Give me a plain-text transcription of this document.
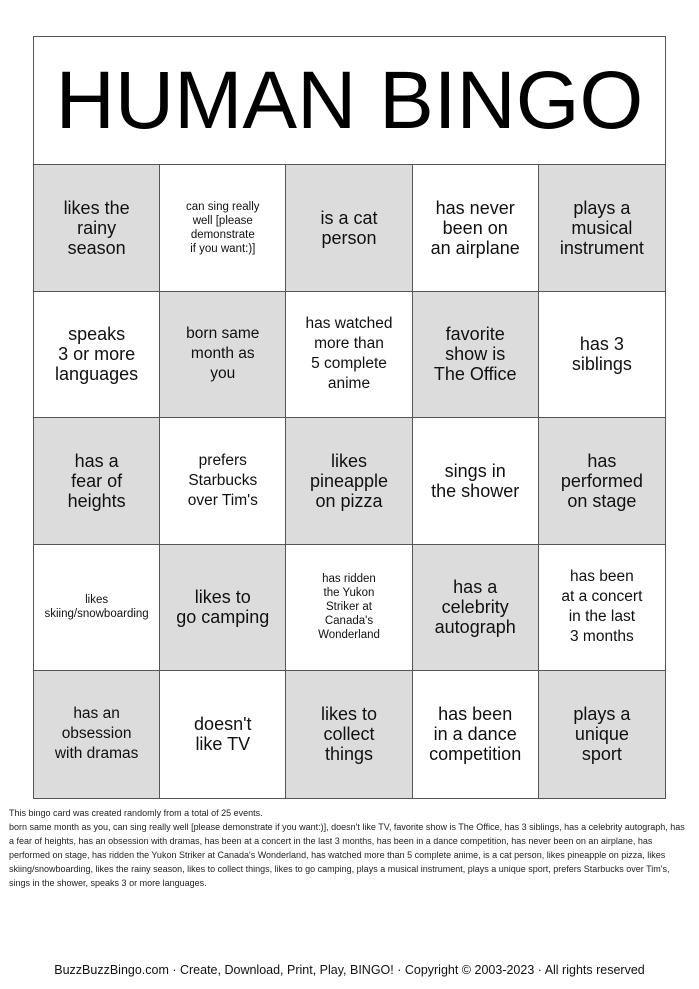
HUMAN BINGO
likes the
rainy
season
can sing really
well [please
demonstrate
if you want:)]
is a cat
person
has never
been on
an airplane
plays a
musical
instrument
speaks
3 or more
languages
born same
month as
you
has watched
more than
5 complete
anime
favorite
show is
The Office
has 3
siblings
has a
fear of
heights
prefers
Starbucks
over Tim's
likes
pineapple
on pizza
sings in
the shower
has
performed
on stage
likes
skiing/snowboarding
likes to
go camping
has ridden
the Yukon
Striker at
Canada's
Wonderland
has a
celebrity
autograph
has been
at a concert
in the last
3 months
has an
obsession
with dramas
doesn't
like TV
likes to
collect
things
has been
in a dance
competition
plays a
unique
sport
This bingo card was created randomly from a total of 25 events.
born same month as you, can sing really well [please demonstrate if you want:)], doesn't like TV, favorite show is The Office, has 3 siblings, has a celebrity autograph, has a fear of heights, has an obsession with dramas, has been at a concert in the last 3 months, has been in a dance competition, has never been on an airplane, has performed on stage, has ridden the Yukon Striker at Canada's Wonderland, has watched more than 5 complete anime, is a cat person, likes pineapple on pizza, likes skiing/snowboarding, likes the rainy season, likes to collect things, likes to go camping, plays a musical instrument, plays a unique sport, prefers Starbucks over Tim's, sings in the shower, speaks 3 or more languages.
BuzzBuzzBingo.com · Create, Download, Print, Play, BINGO! · Copyright © 2003-2023 · All rights reserved
